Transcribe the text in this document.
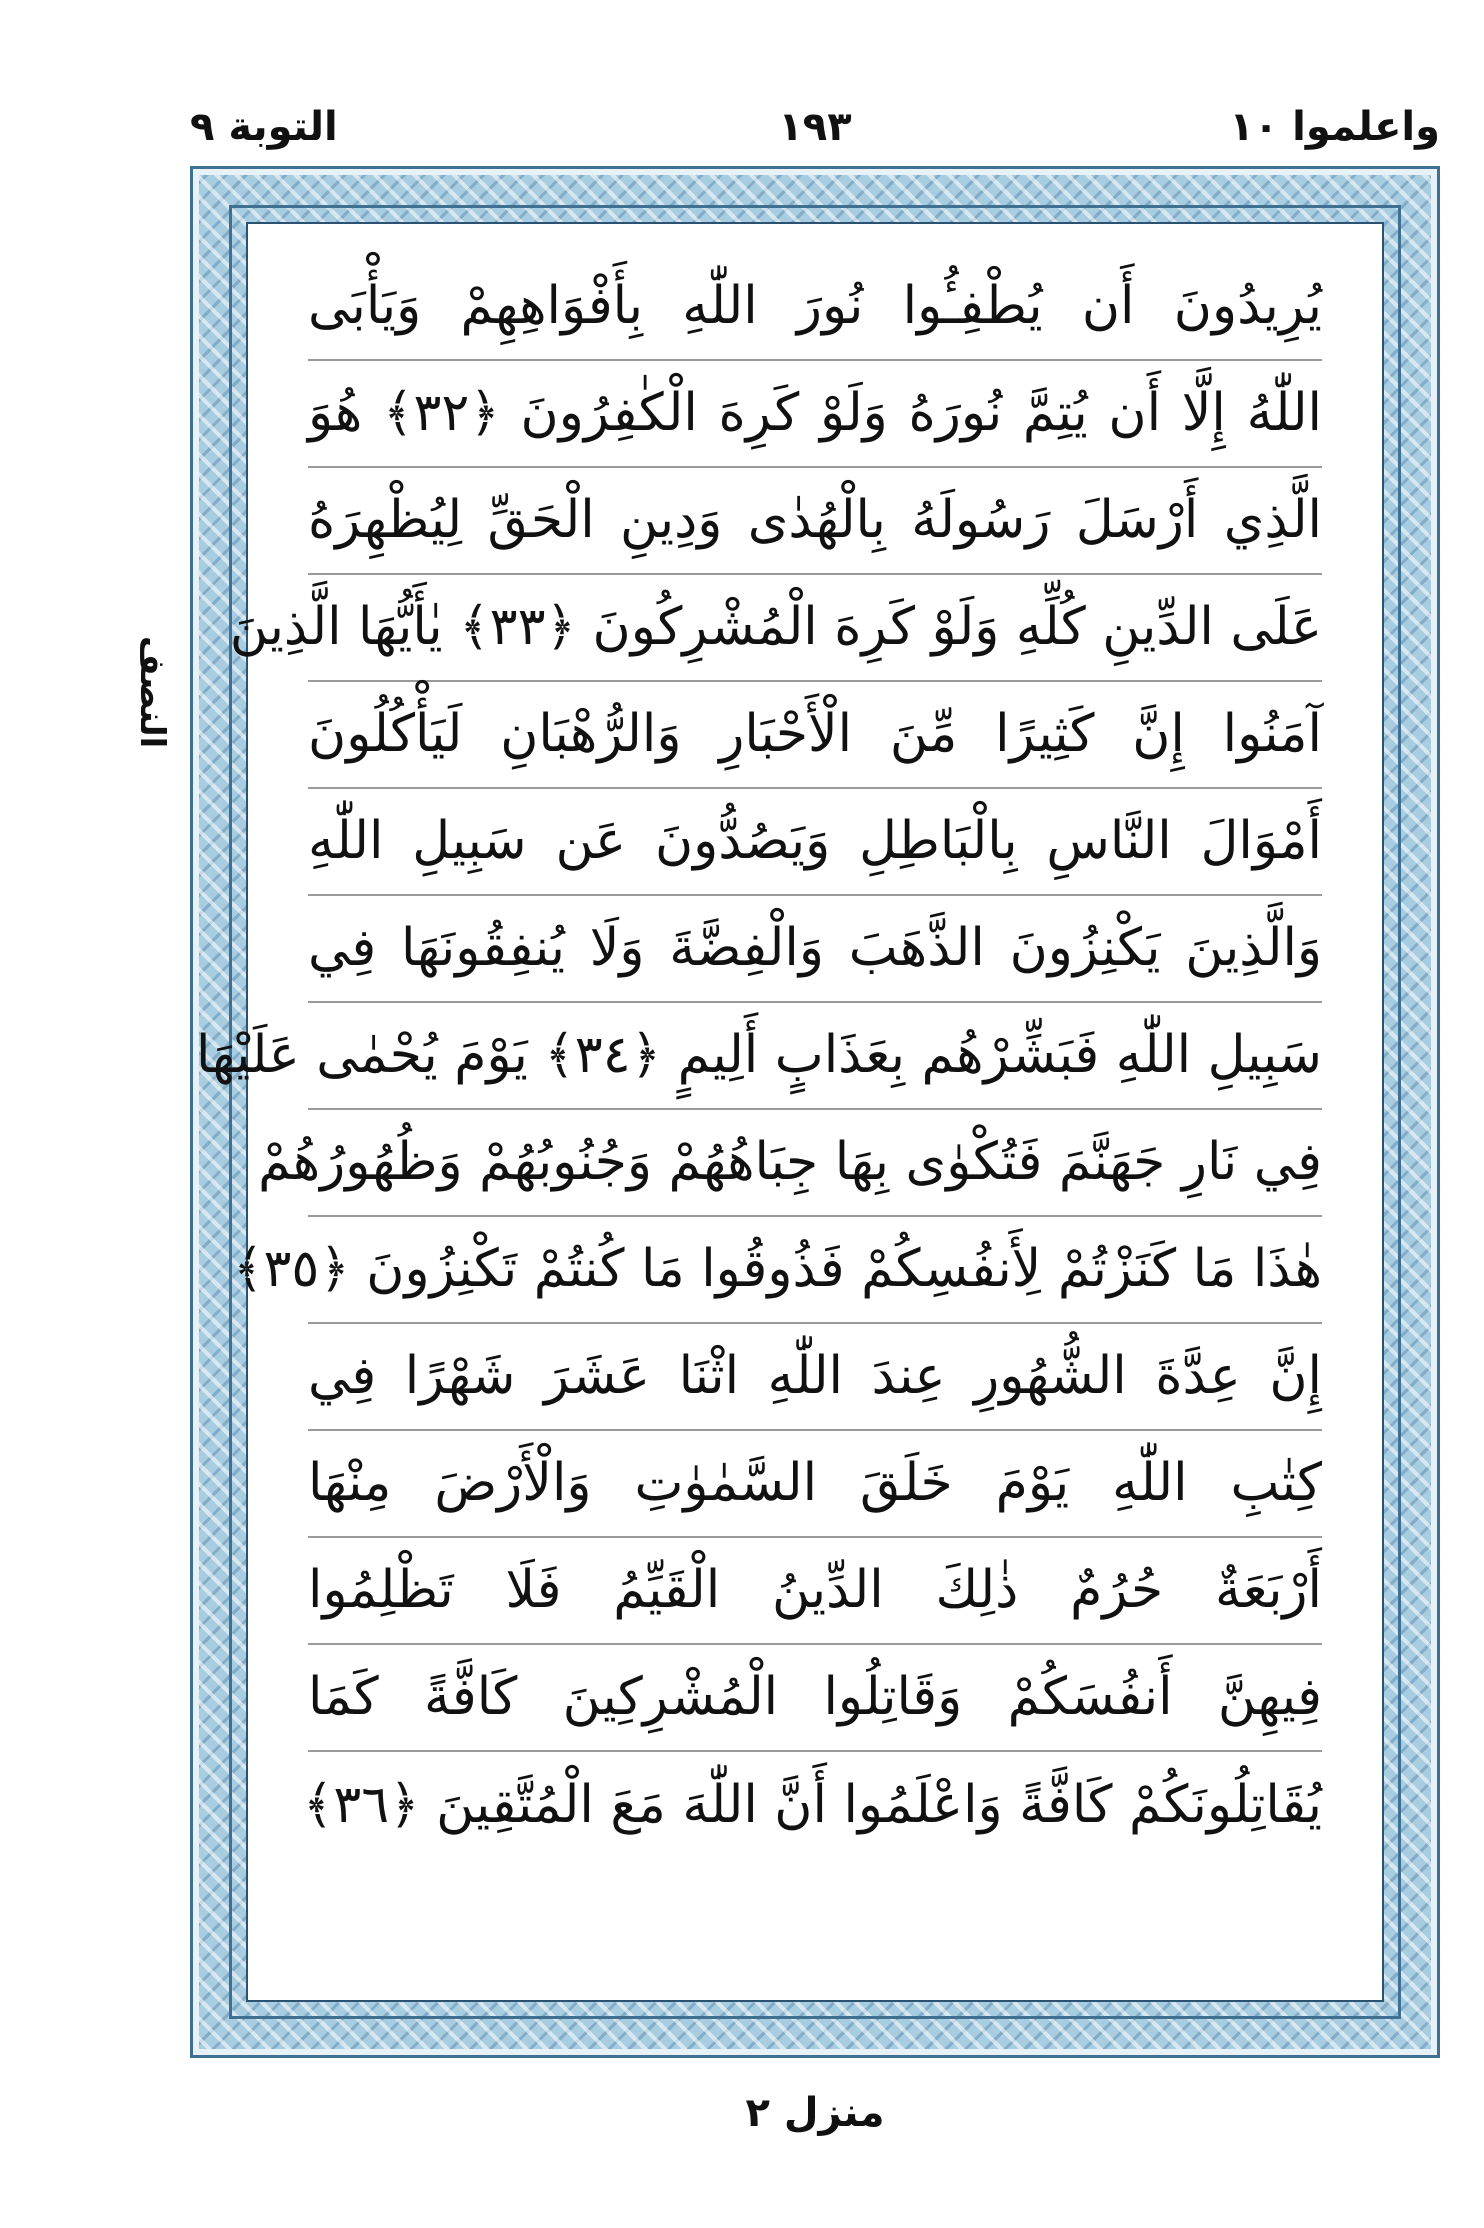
التوبة ٩	١٩٣	واعلموا ١٠
النصف
يُرِيدُونَ أَن يُطْفِـُٔوا نُورَ اللّٰهِ بِأَفْوَاهِهِمْ وَيَأْبَى
اللّٰهُ إِلَّا أَن يُتِمَّ نُورَهُ وَلَوْ كَرِهَ الْكٰفِرُونَ ﴿٣٢﴾ هُوَ
الَّذِي أَرْسَلَ رَسُولَهُ بِالْهُدٰى وَدِينِ الْحَقِّ لِيُظْهِرَهُ
عَلَى الدِّينِ كُلِّهِ وَلَوْ كَرِهَ الْمُشْرِكُونَ ﴿٣٣﴾ يٰأَيُّهَا الَّذِينَ
آمَنُوا إِنَّ كَثِيرًا مِّنَ الْأَحْبَارِ وَالرُّهْبَانِ لَيَأْكُلُونَ
أَمْوَالَ النَّاسِ بِالْبَاطِلِ وَيَصُدُّونَ عَن سَبِيلِ اللّٰهِ
وَالَّذِينَ يَكْنِزُونَ الذَّهَبَ وَالْفِضَّةَ وَلَا يُنفِقُونَهَا فِي
سَبِيلِ اللّٰهِ فَبَشِّرْهُم بِعَذَابٍ أَلِيمٍ ﴿٣٤﴾ يَوْمَ يُحْمٰى عَلَيْهَا
فِي نَارِ جَهَنَّمَ فَتُكْوٰى بِهَا جِبَاهُهُمْ وَجُنُوبُهُمْ وَظُهُورُهُمْ
هٰذَا مَا كَنَزْتُمْ لِأَنفُسِكُمْ فَذُوقُوا مَا كُنتُمْ تَكْنِزُونَ ﴿٣٥﴾
إِنَّ عِدَّةَ الشُّهُورِ عِندَ اللّٰهِ اثْنَا عَشَرَ شَهْرًا فِي
كِتٰبِ اللّٰهِ يَوْمَ خَلَقَ السَّمٰوٰتِ وَالْأَرْضَ مِنْهَا
أَرْبَعَةٌ حُرُمٌ ذٰلِكَ الدِّينُ الْقَيِّمُ فَلَا تَظْلِمُوا
فِيهِنَّ أَنفُسَكُمْ وَقَاتِلُوا الْمُشْرِكِينَ كَافَّةً كَمَا
يُقَاتِلُونَكُمْ كَافَّةً وَاعْلَمُوا أَنَّ اللّٰهَ مَعَ الْمُتَّقِينَ ﴿٣٦﴾
منزل ٢
